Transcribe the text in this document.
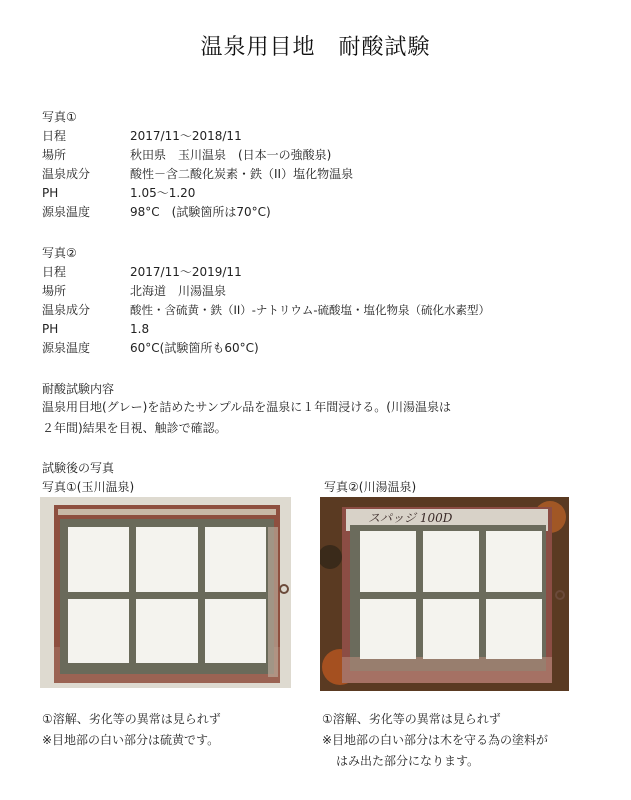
温泉用目地　耐酸試験
写真①
日程	2017/11～2018/11
場所	秋田県　玉川温泉　(日本一の強酸泉)
温泉成分	酸性－含二酸化炭素・鉄（II）塩化物温泉
PH	1.05～1.20
源泉温度	98°C　(試験箇所は70°C)
写真②
日程	2017/11～2019/11
場所	北海道　川湯温泉
温泉成分	酸性・含硫黄・鉄（II）-ナトリウム-硫酸塩・塩化物泉（硫化水素型）
PH	1.8
源泉温度	60°C(試験箇所も60°C)
耐酸試験内容
温泉用目地(グレー)を詰めたサンプル品を温泉に１年間浸ける。(川湯温泉は
２年間)結果を目視、触診で確認。
試験後の写真
写真①(玉川温泉)	写真②(川湯温泉)
スパッジ 100D
①溶解、劣化等の異常は見られず
※目地部の白い部分は硫黄です。
①溶解、劣化等の異常は見られず
※目地部の白い部分は木を守る為の塗料が
はみ出た部分になります。
